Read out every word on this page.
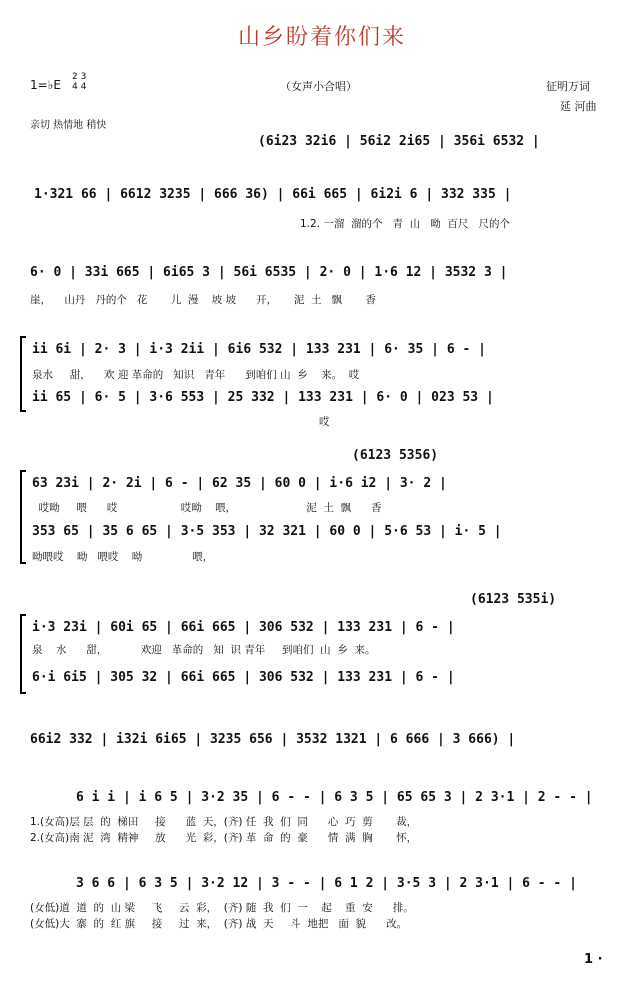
山乡盼着你们来
1=♭E
2 3
4 4	（女声小合唱）	征明万词
延 河曲
亲切 热情地 稍快
(6i23 32i6 | 56i2 2i65 | 356i 6532 |
1·321 66 | 6612 3235 | 666 36) | 66i 665 | 6i2i 6 | 332 335 |
1.2. 一溜  溜的个   青  山   呦  百尺   尺的个
6· 0 | 33i 665 | 6i65 3 | 56i 6535 | 2· 0 | 1·6 12 | 3532 3 |
崖，    山丹   丹的个   花       儿  漫    坡 坡      开，     泥  土   飘       香
ii 6i | 2· 3 | i·3 2ii | 6i6 532 | 133 231 | 6· 35 | 6 - |
泉水     甜，    欢 迎 革命的   知识   青年      到咱们 山  乡    来。  哎
ii 65 | 6· 5 | 3·6 553 | 25 332 | 133 231 | 6· 0 | 023 53 |
哎
(6123 5356)
63 23i | 2· 2i | 6 - | 62 35 | 60 0 | i·6 i2 | 3· 2 |
哎呦     喂      哎                   哎呦    喂，                     泥  土  飘      香
353 65 | 35 6 65 | 3·5 353 | 32 321 | 60 0 | 5·6 53 | i· 5 |
呦喂哎    呦   喂哎    呦               喂，
(6123 535i)
i·3 23i | 60i 65 | 66i 665 | 306 532 | 133 231 | 6 - |
泉    水      甜，          欢迎   革命的   知  识 青年     到咱们  山  乡  来。
6·i 6i5 | 305 32 | 66i 665 | 306 532 | 133 231 | 6 - |
66i2 332 | i32i 6i65 | 3235 656 | 3532 1321 | 6 666 | 3 666) |
6 i i | i 6 5 | 3·2 35 | 6 - - | 6 3 5 | 65 65 3 | 2 3·1 | 2 - - |
1.(女高)层 层  的  梯田     接      蓝  天，(齐) 任  我  们  同      心  巧  剪       裁，
2.(女高)南 泥  湾  精神     放      光  彩，(齐) 革  命  的  豪      情  满  胸       怀，
3 6 6 | 6 3 5 | 3·2 12 | 3 - - | 6 1 2 | 3·5 3 | 2 3·1 | 6 - - |
(女低)道  道  的  山 梁     飞     云  彩，  (齐) 随  我  们  一    起    重  安      排。
(女低)大  寨  的  红 旗     接     过  来，  (齐) 战  天     斗  地把   面  貌      改。
1 ·
